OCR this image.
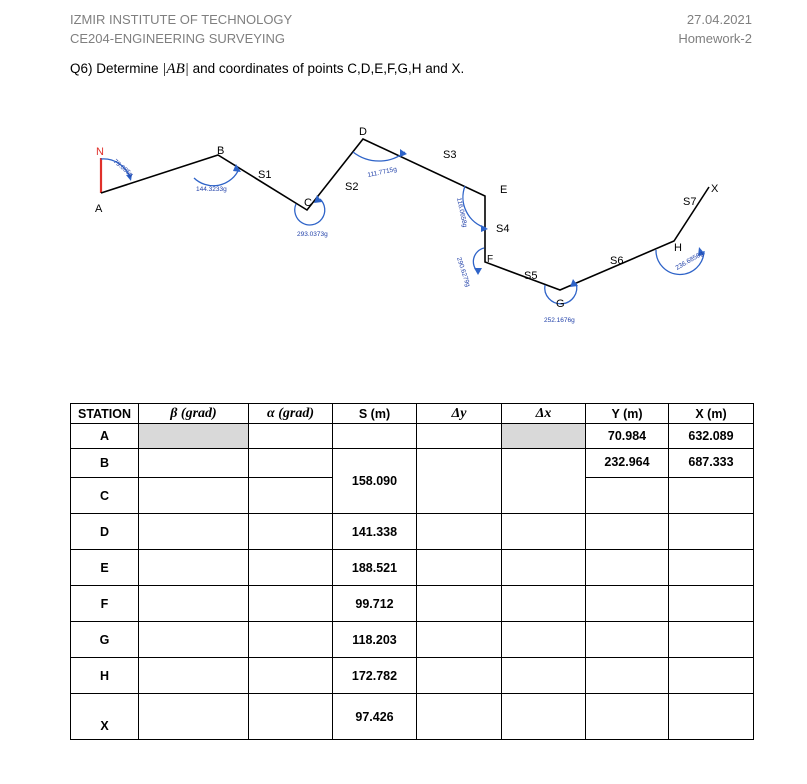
IZMIR INSTITUTE OF TECHNOLOGY
CE204-ENGINEERING SURVEYING
27.04.2021
Homework-2
Q6) Determine |AB| and coordinates of points C,D,E,F,G,H and X.
N
A
B
C
D
E
F
G
H
X
S1
S2
S3
S4
S5
S6
S7
79.085g
144.3233g
293.0373g
111.7715g
116.0658g
290.6279g
252.1676g
236.6856g
STATION	β (grad)	α (grad)	S (m)	Δy	Δx	Y (m)	X (m)
A						70.984	632.089

B			158.090			232.964	687.333

C							

D			141.338				

E			188.521				

F			99.712				

G			118.203				

H			172.782				

X			97.426				
